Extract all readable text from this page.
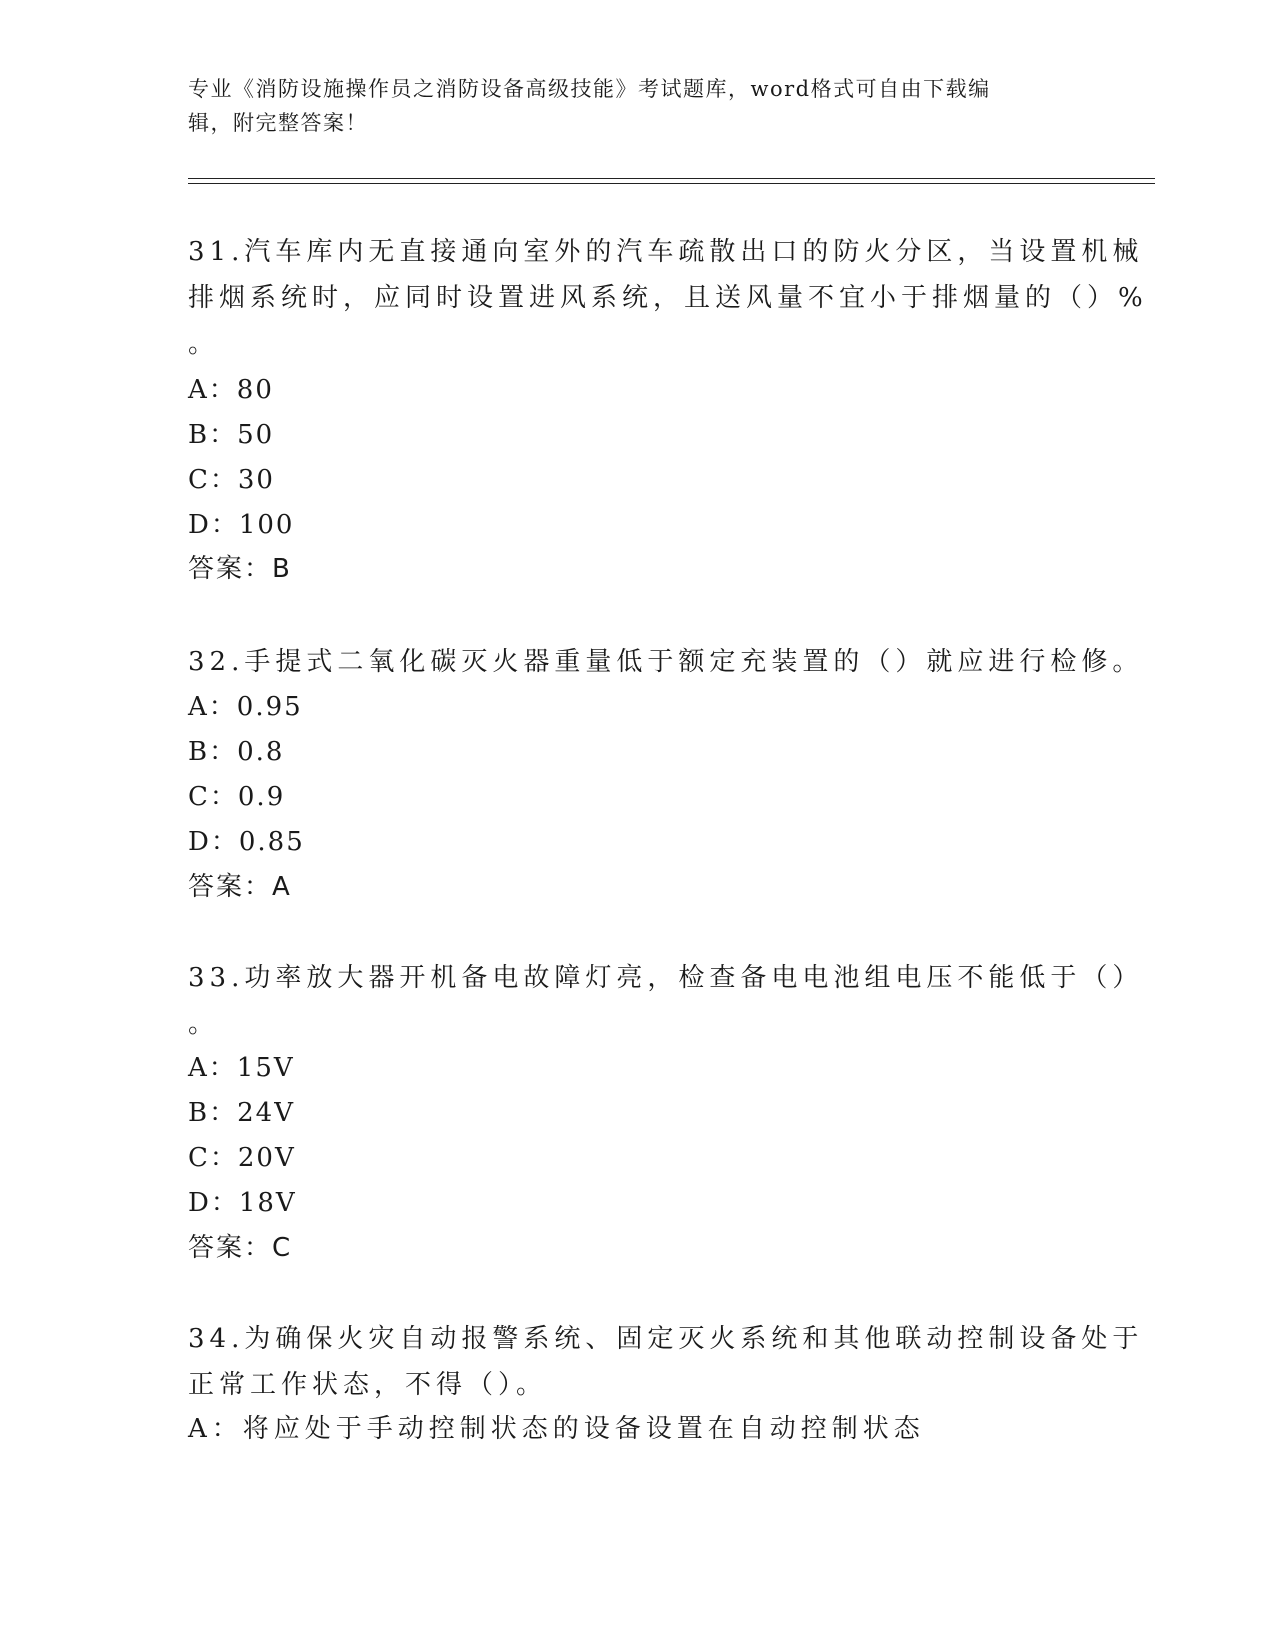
专业《消防设施操作员之消防设备高级技能》考试题库，word格式可自由下载编
辑，附完整答案！
31.汽车库内无直接通向室外的汽车疏散出口的防火分区，当设置机械
排烟系统时，应同时设置进风系统，且送风量不宜小于排烟量的（）%
。
A：80
B：50
C：30
D：100
答案：B
32.手提式二氧化碳灭火器重量低于额定充装置的（）就应进行检修。
A：0.95
B：0.8
C：0.9
D：0.85
答案：A
33.功率放大器开机备电故障灯亮，检查备电电池组电压不能低于（）
。
A：15V
B：24V
C：20V
D：18V
答案：C
34.为确保火灾自动报警系统、固定灭火系统和其他联动控制设备处于
正常工作状态，不得（）。
A：将应处于手动控制状态的设备设置在自动控制状态
